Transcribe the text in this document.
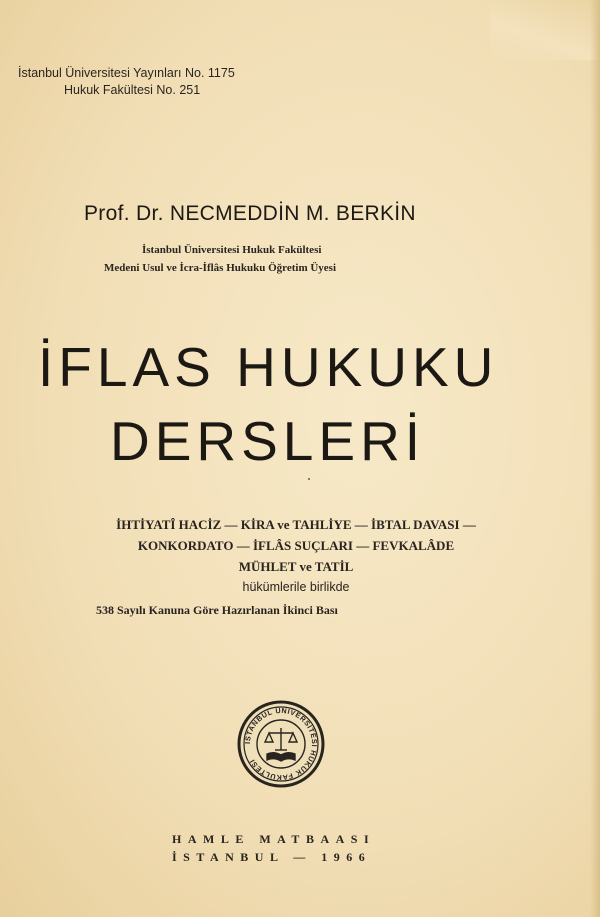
İstanbul Üniversitesi Yayınları No. 1175
Hukuk Fakültesi No. 251
Prof. Dr. NECMEDDİN M. BERKİN
İstanbul Üniversitesi Hukuk Fakültesi
Medeni Usul ve İcra-İflâs Hukuku Öğretim Üyesi
İFLAS HUKUKU
DERSLERİ
İHTİYATÎ HACİZ — KİRA ve TAHLİYE — İBTAL DAVASI —
KONKORDATO — İFLÂS SUÇLARI — FEVKALÂDE
MÜHLET ve TATİL
hükümlerile birlikde
538 Sayılı Kanuna Göre Hazırlanan İkinci Bası
İSTANBUL ÜNİVERSİTESİ HUKUK FAKÜLTESİ
HAMLE MATBAASI
İSTANBUL — 1966
